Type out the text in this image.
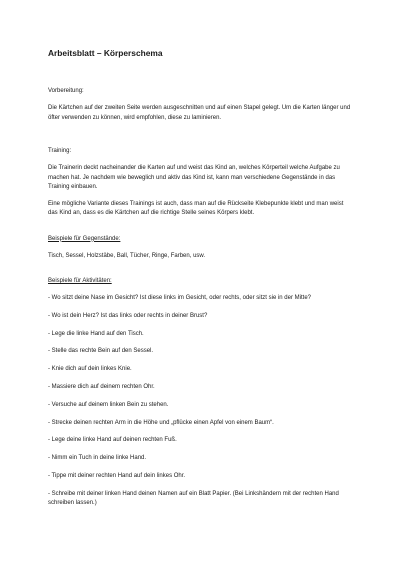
Arbeitsblatt – Körperschema
Vorbereitung:
Die Kärtchen auf der zweiten Seite werden ausgeschnitten und auf einen Stapel gelegt. Um die Karten länger und öfter verwenden zu können, wird empfohlen, diese zu laminieren.
Training:
Die Trainerin deckt nacheinander die Karten auf und weist das Kind an, welches Körperteil welche Aufgabe zu machen hat. Je nachdem wie beweglich und aktiv das Kind ist, kann man verschiedene Gegenstände in das Training einbauen.
Eine mögliche Variante dieses Trainings ist auch, dass man auf die Rückseite Klebepunkte klebt und man weist das Kind an, dass es die Kärtchen auf die richtige Stelle seines Körpers klebt.
Beispiele für Gegenstände:
Tisch, Sessel, Holzstäbe, Ball, Tücher, Ringe, Farben, usw.
Beispiele für Aktivitäten:
- Wo sitzt deine Nase im Gesicht? Ist diese links im Gesicht, oder rechts, oder sitzt sie in der Mitte?
- Wo ist dein Herz? Ist das links oder rechts in deiner Brust?
- Lege die linke Hand auf den Tisch.
- Stelle das rechte Bein auf den Sessel.
- Knie dich auf dein linkes Knie.
- Massiere dich auf deinem rechten Ohr.
- Versuche auf deinem linken Bein zu stehen.
- Strecke deinen rechten Arm in die Höhe und „pflücke einen Apfel von einem Baum“.
- Lege deine linke Hand auf deinen rechten Fuß.
- Nimm ein Tuch in deine linke Hand.
- Tippe mit deiner rechten Hand auf dein linkes Ohr.
- Schreibe mit deiner linken Hand deinen Namen auf ein Blatt Papier. (Bei Linkshändern mit der rechten Hand schreiben lassen.)
